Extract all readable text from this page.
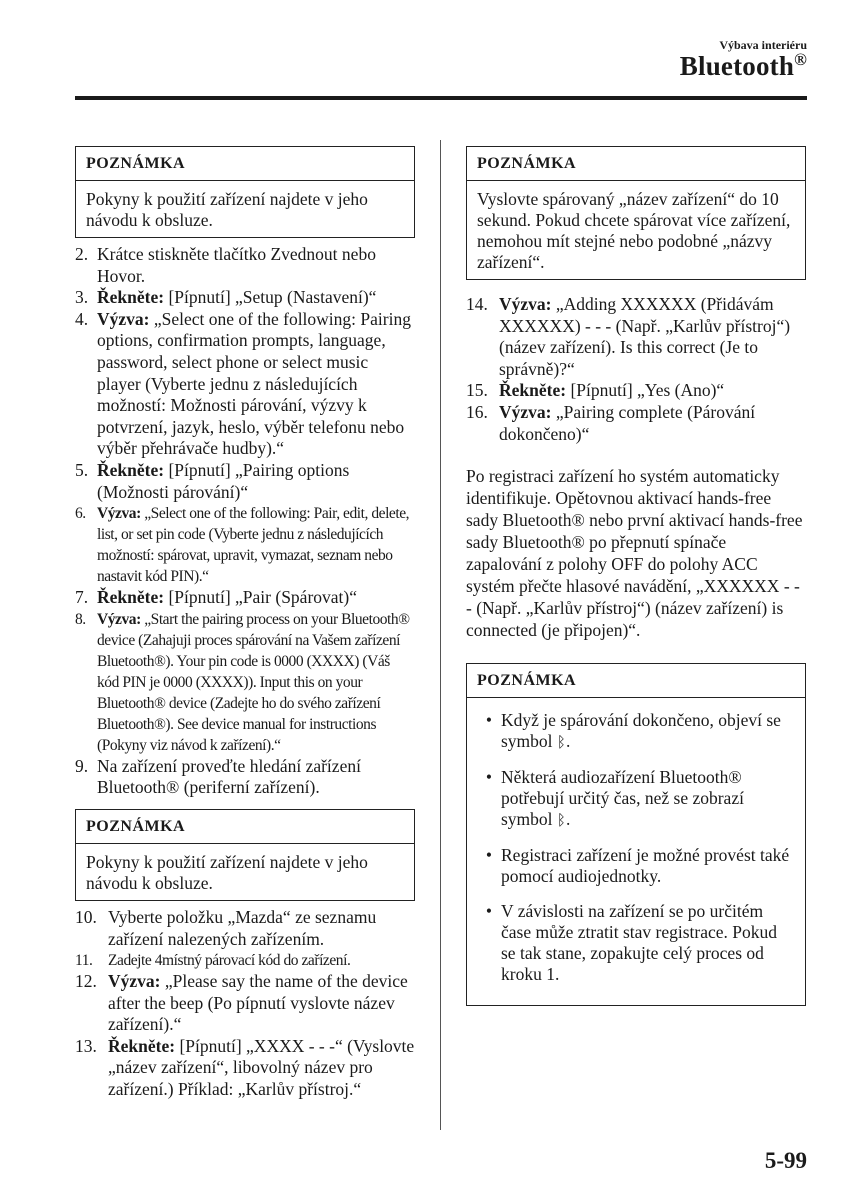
Výbava interiéru
Bluetooth®
POZNÁMKA
Pokyny k použití zařízení najdete v jeho návodu k obsluze.
2. Krátce stiskněte tlačítko Zvednout nebo Hovor.
3. Řekněte: [Pípnutí] „Setup (Nastavení)“
4. Výzva: „Select one of the following: Pairing options, confirmation prompts, language, password, select phone or select music player (Vyberte jednu z následujících možností: Možnosti párování, výzvy k potvrzení, jazyk, heslo, výběr telefonu nebo výběr přehrávače hudby).“
5. Řekněte: [Pípnutí] „Pairing options (Možnosti párování)“
6. Výzva: „Select one of the following: Pair, edit, delete, list, or set pin code (Vyberte jednu z následujících možností: spárovat, upravit, vymazat, seznam nebo nastavit kód PIN).“
7. Řekněte: [Pípnutí] „Pair (Spárovat)“
8. Výzva: „Start the pairing process on your Bluetooth® device (Zahajuji proces spárování na Vašem zařízení Bluetooth®). Your pin code is 0000 (XXXX) (Váš kód PIN je 0000 (XXXX)). Input this on your Bluetooth® device (Zadejte ho do svého zařízení Bluetooth®). See device manual for instructions (Pokyny viz návod k zařízení).“
9. Na zařízení proveďte hledání zařízení Bluetooth® (periferní zařízení).
POZNÁMKA
Pokyny k použití zařízení najdete v jeho návodu k obsluze.
10. Vyberte položku „Mazda“ ze seznamu zařízení nalezených zařízením.
11.	Zadejte 4místný párovací kód do zařízení.
12. Výzva: „Please say the name of the device after the beep (Po pípnutí vyslovte název zařízení).“
13. Řekněte: [Pípnutí] „XXXX - - -“ (Vyslovte „název zařízení“, libovolný název pro zařízení.) Příklad: „Karlův přístroj.“
POZNÁMKA
Vyslovte spárovaný „název zařízení“ do 10 sekund. Pokud chcete spárovat více zařízení, nemohou mít stejné nebo podobné „názvy zařízení“.
14. Výzva: „Adding XXXXXX (Přidávám XXXXXX) - - - (Např. „Karlův přístroj“) (název zařízení). Is this correct (Je to správně)?“
15. Řekněte: [Pípnutí] „Yes (Ano)“
16. Výzva: „Pairing complete (Párování dokončeno)“

Po registraci zařízení ho systém automaticky identifikuje. Opětovnou aktivací hands-free sady Bluetooth® nebo první aktivací hands-free sady Bluetooth® po přepnutí spínače zapalování z polohy OFF do polohy ACC systém přečte hlasové navádění, „XXXXXX - - - (Např. „Karlův přístroj“) (název zařízení) is connected (je připojen)“.

POZNÁMKA
• Když je spárování dokončeno, objeví se symbol ᛒ.
• Některá audiozařízení Bluetooth® potřebují určitý čas, než se zobrazí symbol ᛒ.
• Registraci zařízení je možné provést také pomocí audiojednotky.
• V závislosti na zařízení se po určitém čase může ztratit stav registrace. Pokud se tak stane, zopakujte celý proces od kroku 1.
5-99
